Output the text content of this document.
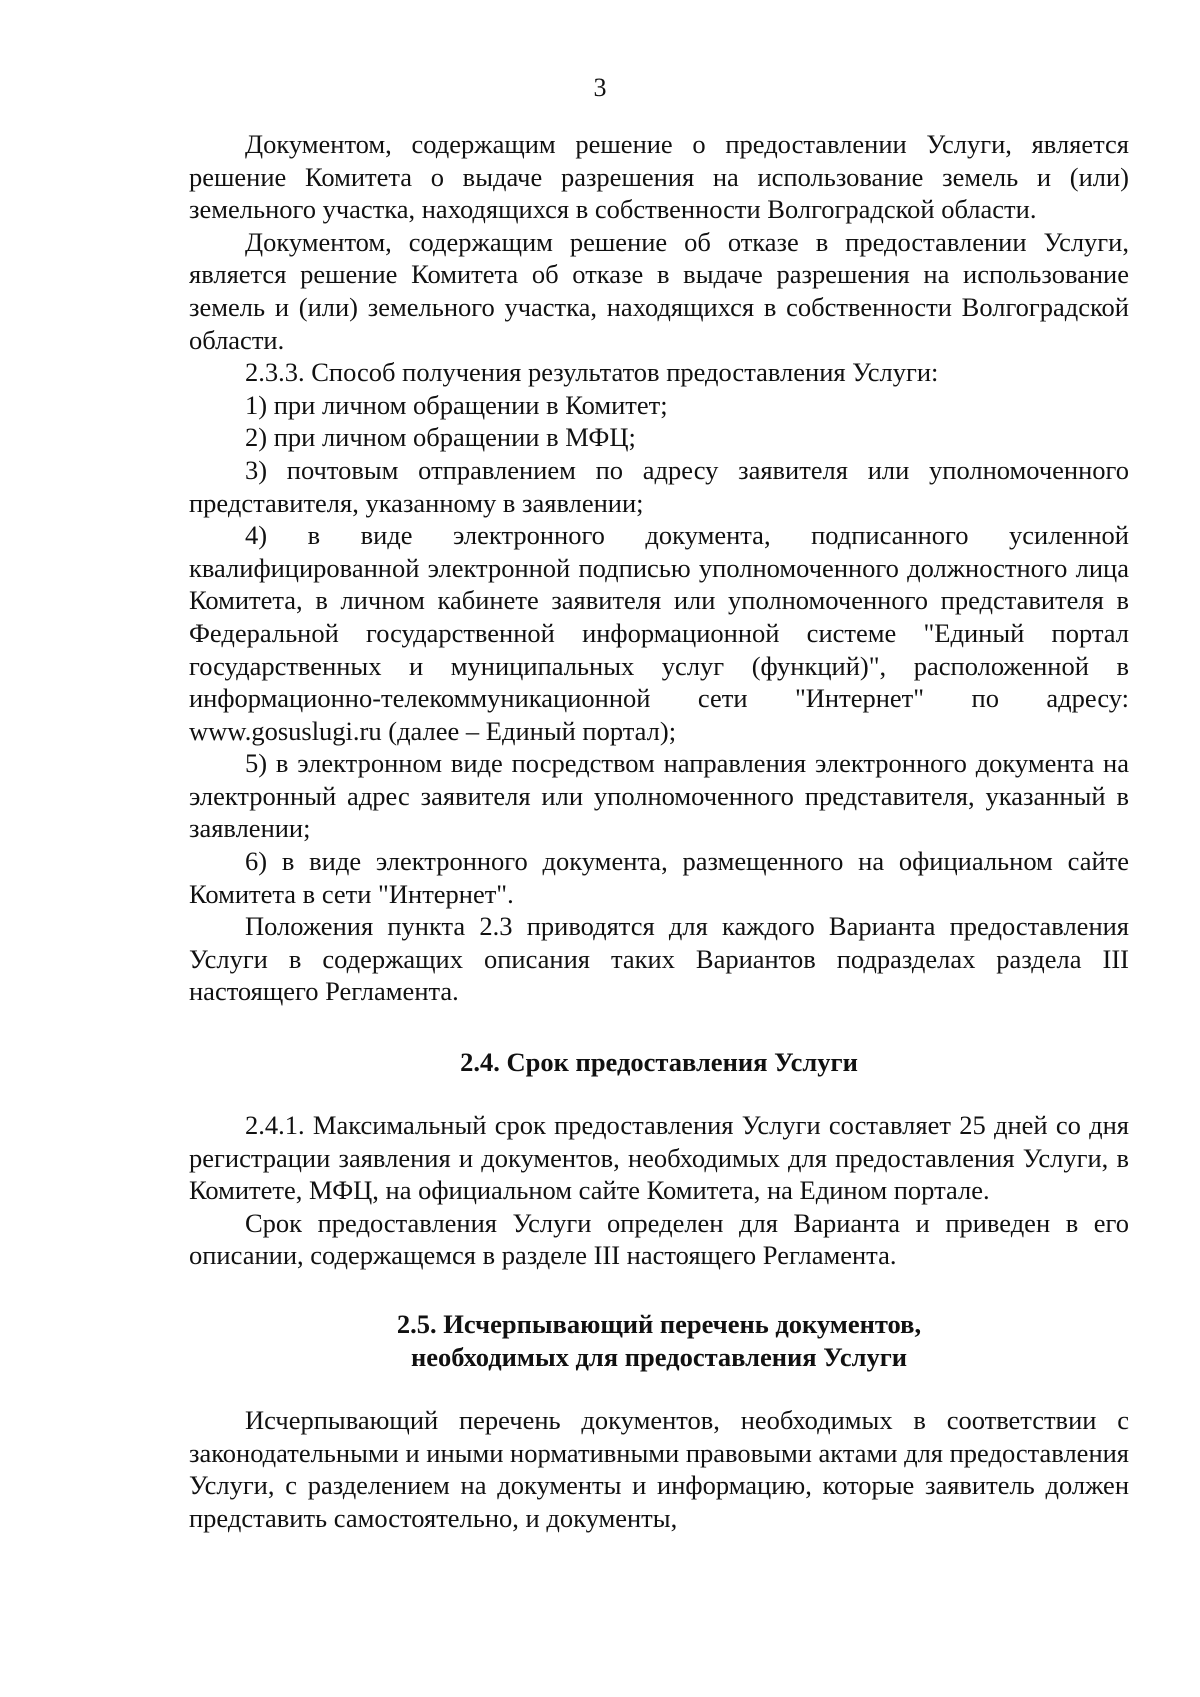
3

Документом, содержащим решение о предоставлении Услуги, является решение Комитета о выдаче разрешения на использование земель и (или) земельного участка, находящихся в собственности Волгоградской области.

Документом, содержащим решение об отказе в предоставлении Услуги, является решение Комитета об отказе в выдаче разрешения на использование земель и (или) земельного участка, находящихся в собственности Волгоградской области.

2.3.3. Способ получения результатов предоставления Услуги:

1) при личном обращении в Комитет;

2) при личном обращении в МФЦ;

3) почтовым отправлением по адресу заявителя или уполномоченного представителя, указанному в заявлении;

4) в виде электронного документа, подписанного усиленной квалифицированной электронной подписью уполномоченного должностного лица Комитета, в личном кабинете заявителя или уполномоченного представителя в Федеральной государственной информационной системе "Единый портал государственных и муниципальных услуг (функций)", расположенной в информационно-телекоммуникационной сети "Интернет" по адресу: www.gosuslugi.ru (далее – Единый портал);

5) в электронном виде посредством направления электронного документа на электронный адрес заявителя или уполномоченного представителя, указанный в заявлении;

6) в виде электронного документа, размещенного на официальном сайте Комитета в сети "Интернет".

Положения пункта 2.3 приводятся для каждого Варианта предоставления Услуги в содержащих описания таких Вариантов подразделах раздела III настоящего Регламента.

2.4. Срок предоставления Услуги

2.4.1. Максимальный срок предоставления Услуги составляет 25 дней со дня регистрации заявления и документов, необходимых для предоставления Услуги, в Комитете, МФЦ, на официальном сайте Комитета, на Едином портале.

Срок предоставления Услуги определен для Варианта и приведен в его описании, содержащемся в разделе III настоящего Регламента.

2.5. Исчерпывающий перечень документов,

необходимых для предоставления Услуги

Исчерпывающий перечень документов, необходимых в соответствии с законодательными и иными нормативными правовыми актами для предоставления Услуги, с разделением на документы и информацию, которые заявитель должен представить самостоятельно, и документы,
